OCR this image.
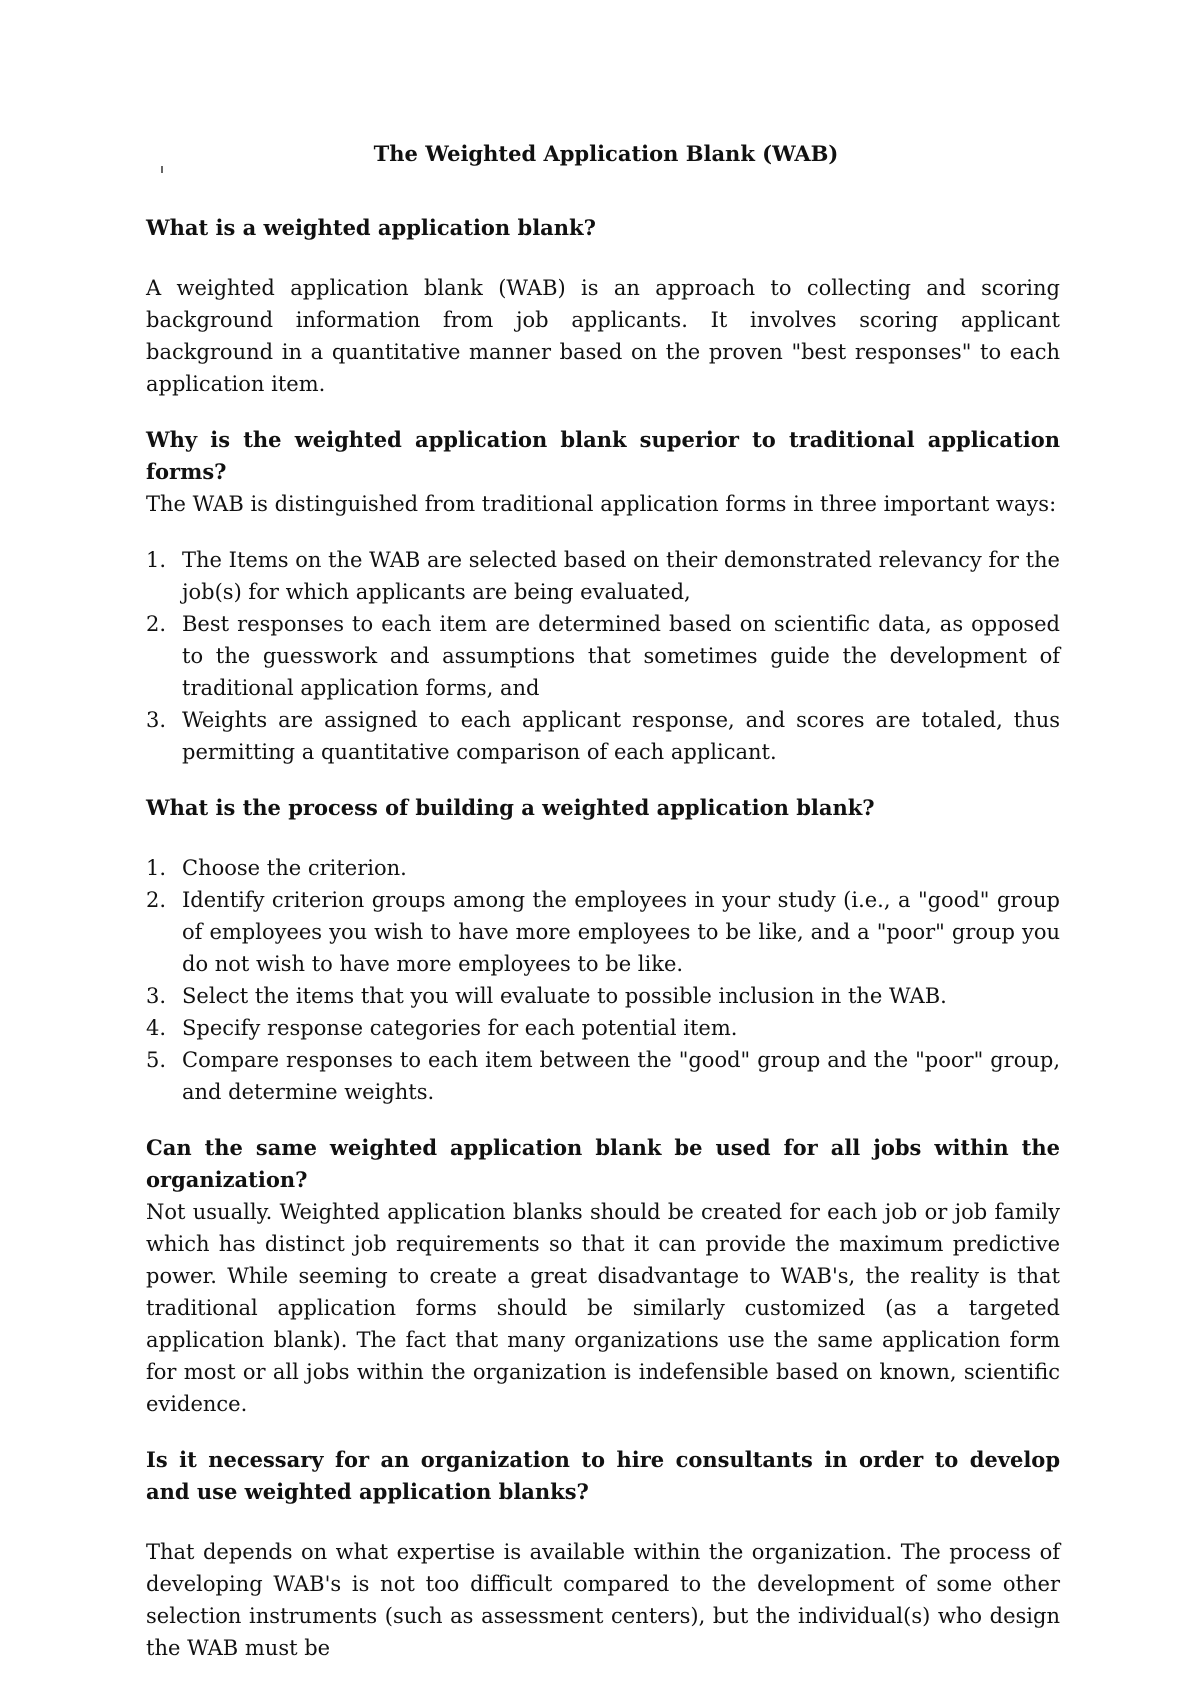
The Weighted Application Blank (WAB)

What is a weighted application blank?

A weighted application blank (WAB) is an approach to collecting and scoring background information from job applicants. It involves scoring applicant background in a quantitative manner based on the proven "best responses" to each application item.

Why is the weighted application blank superior to traditional application forms?

The WAB is distinguished from traditional application forms in three important ways:

1. The Items on the WAB are selected based on their demonstrated relevancy for the job(s) for which applicants are being evaluated,
2. Best responses to each item are determined based on scientific data, as opposed to the guesswork and assumptions that sometimes guide the development of traditional application forms, and
3. Weights are assigned to each applicant response, and scores are totaled, thus permitting a quantitative comparison of each applicant.

What is the process of building a weighted application blank?

1. Choose the criterion.
2. Identify criterion groups among the employees in your study (i.e., a "good" group of employees you wish to have more employees to be like, and a "poor" group you do not wish to have more employees to be like.
3. Select the items that you will evaluate to possible inclusion in the WAB.
4. Specify response categories for each potential item.
5. Compare responses to each item between the "good" group and the "poor" group, and determine weights.

Can the same weighted application blank be used for all jobs within the organization?

Not usually. Weighted application blanks should be created for each job or job family which has distinct job requirements so that it can provide the maximum predictive power. While seeming to create a great disadvantage to WAB's, the reality is that traditional application forms should be similarly customized (as a targeted application blank). The fact that many organizations use the same application form for most or all jobs within the organization is indefensible based on known, scientific evidence.

Is it necessary for an organization to hire consultants in order to develop and use weighted application blanks?

That depends on what expertise is available within the organization. The process of developing WAB's is not too difficult compared to the development of some other selection instruments (such as assessment centers), but the individual(s) who design the WAB must be
